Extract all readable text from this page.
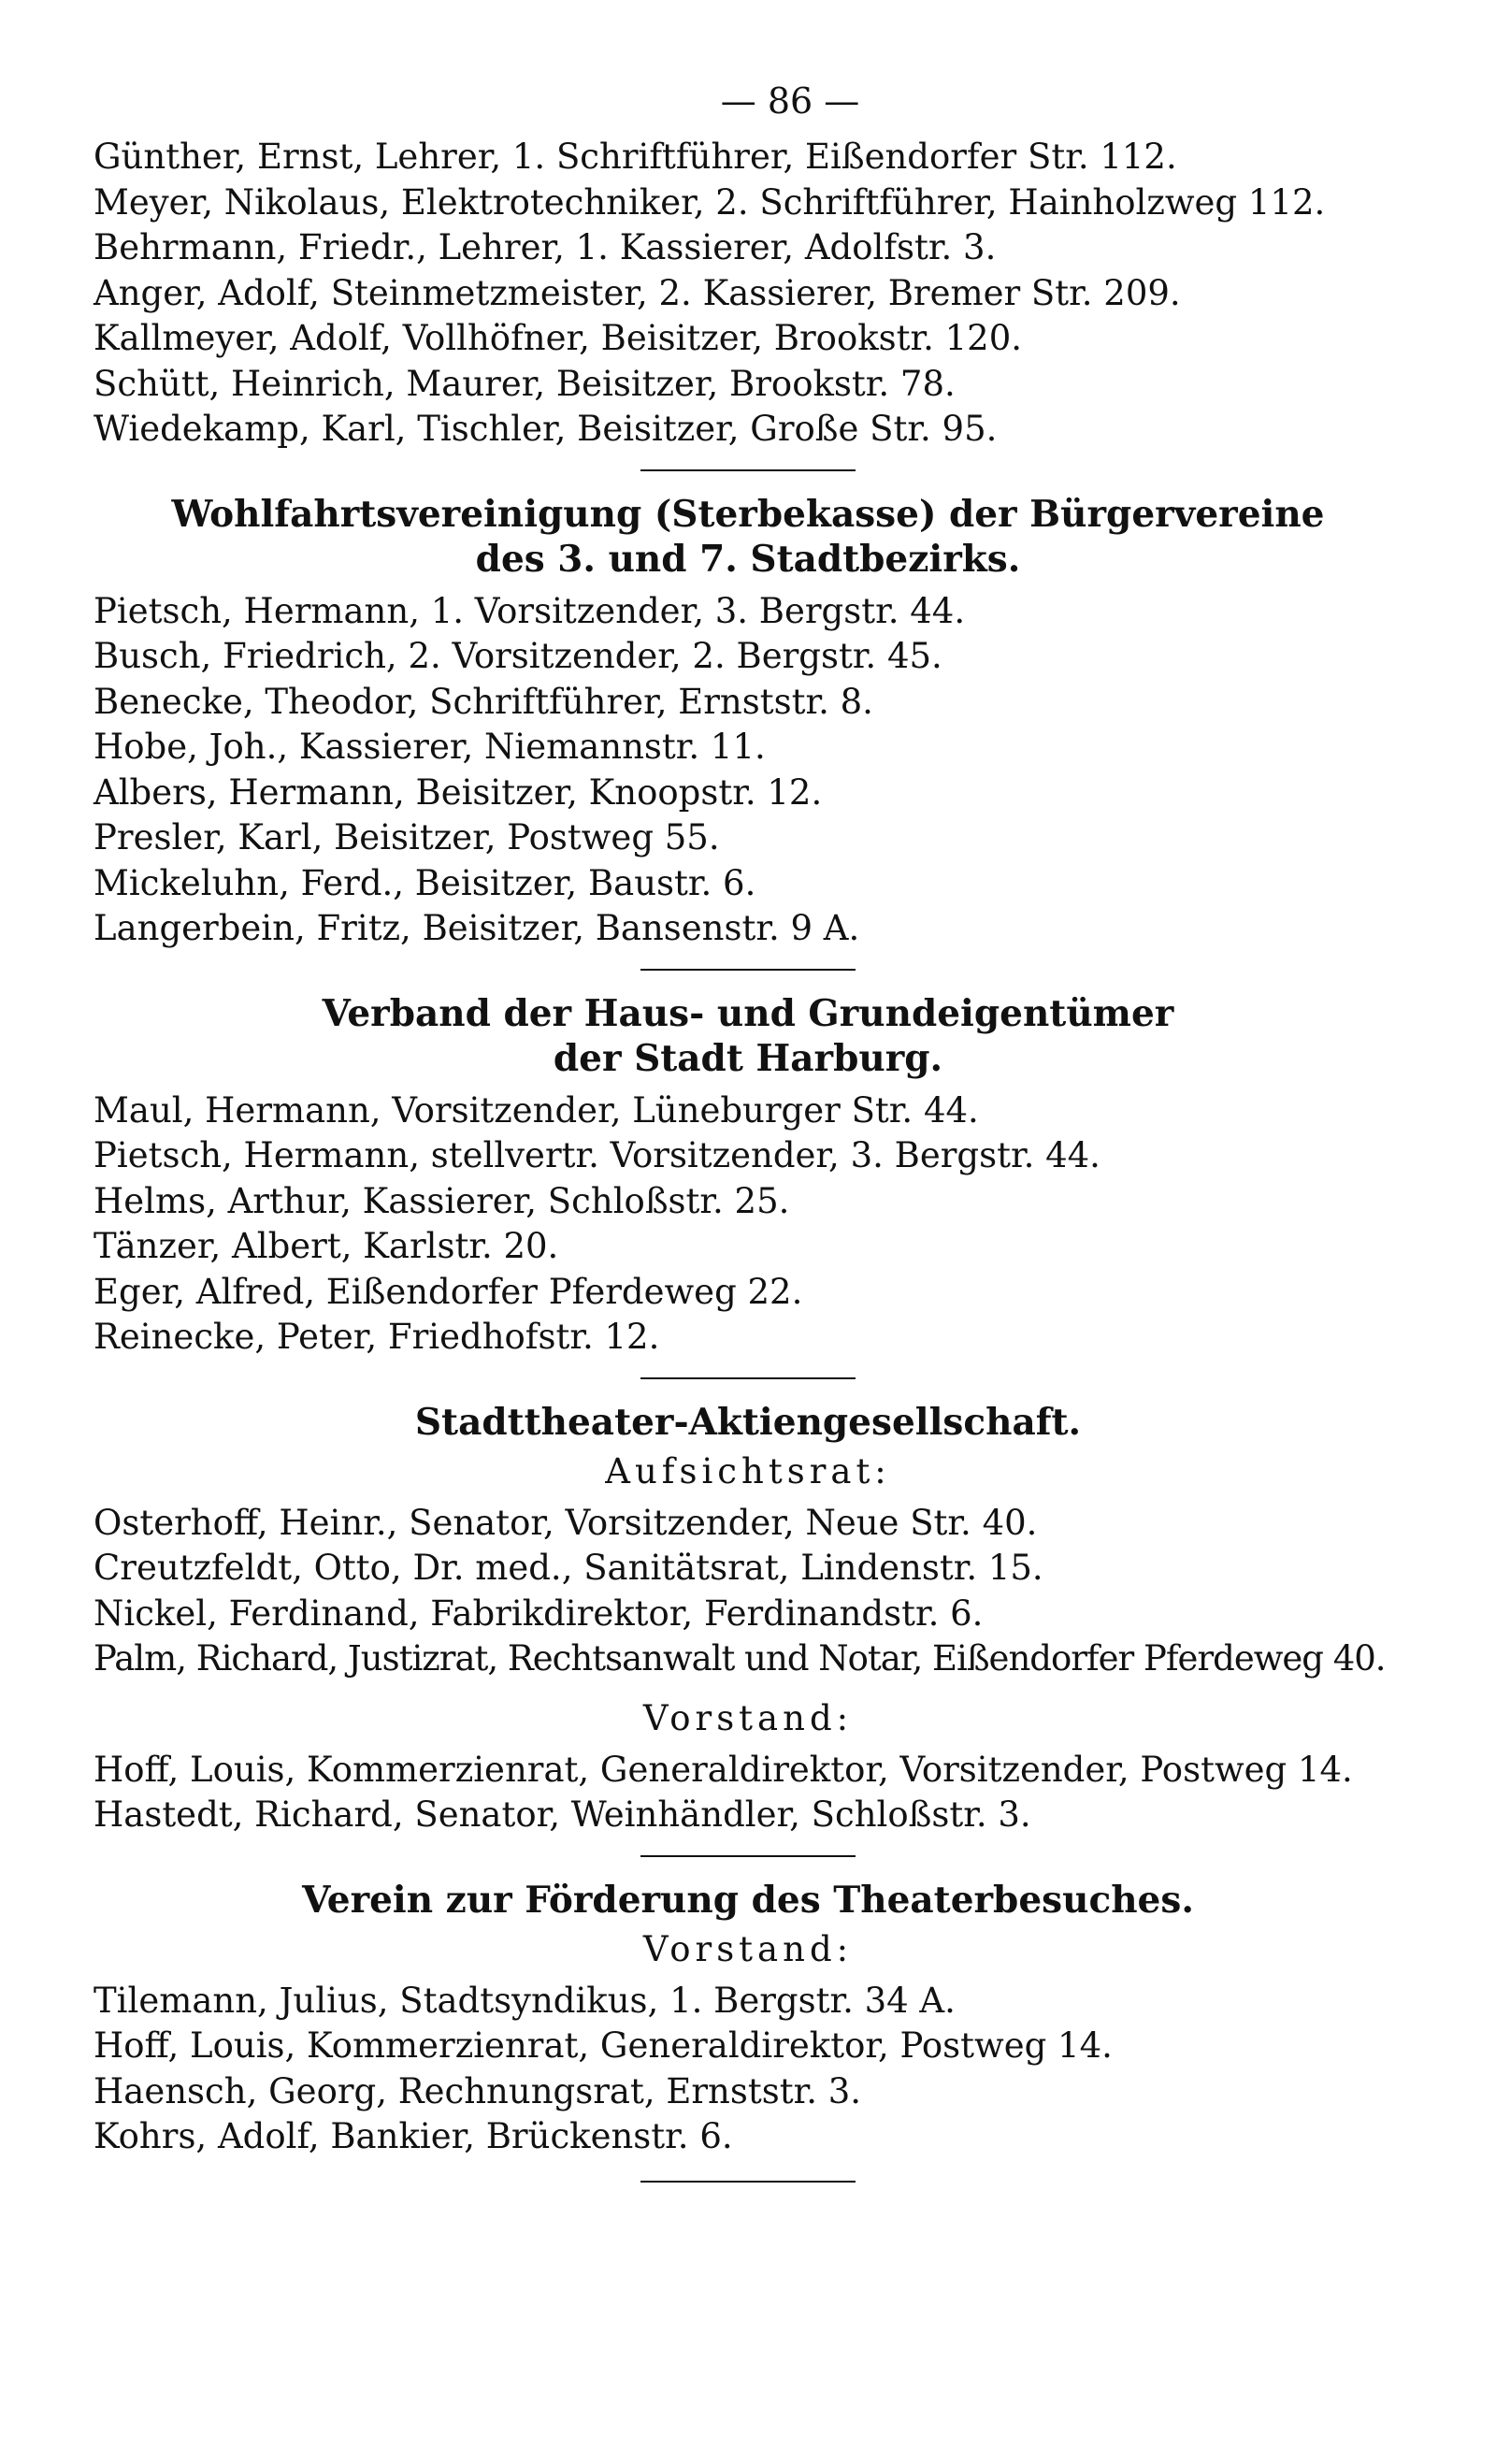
— 86 —
Günther, Ernst, Lehrer, 1. Schriftführer, Eißendorfer Str. 112.
Meyer, Nikolaus, Elektrotechniker, 2. Schriftführer, Hainholzweg 112.
Behrmann, Friedr., Lehrer, 1. Kassierer, Adolfstr. 3.
Anger, Adolf, Steinmetzmeister, 2. Kassierer, Bremer Str. 209.
Kallmeyer, Adolf, Vollhöfner, Beisitzer, Brookstr. 120.
Schütt, Heinrich, Maurer, Beisitzer, Brookstr. 78.
Wiedekamp, Karl, Tischler, Beisitzer, Große Str. 95.
Wohlfahrtsvereinigung (Sterbekasse) der Bürgervereine
des 3. und 7. Stadtbezirks.
Pietsch, Hermann, 1. Vorsitzender, 3. Bergstr. 44.
Busch, Friedrich, 2. Vorsitzender, 2. Bergstr. 45.
Benecke, Theodor, Schriftführer, Ernststr. 8.
Hobe, Joh., Kassierer, Niemannstr. 11.
Albers, Hermann, Beisitzer, Knoopstr. 12.
Presler, Karl, Beisitzer, Postweg 55.
Mickeluhn, Ferd., Beisitzer, Baustr. 6.
Langerbein, Fritz, Beisitzer, Bansenstr. 9 A.
Verband der Haus- und Grundeigentümer
der Stadt Harburg.
Maul, Hermann, Vorsitzender, Lüneburger Str. 44.
Pietsch, Hermann, stellvertr. Vorsitzender, 3. Bergstr. 44.
Helms, Arthur, Kassierer, Schloßstr. 25.
Tänzer, Albert, Karlstr. 20.
Eger, Alfred, Eißendorfer Pferdeweg 22.
Reinecke, Peter, Friedhofstr. 12.
Stadttheater-Aktiengesellschaft.
Aufsichtsrat:
Osterhoff, Heinr., Senator, Vorsitzender, Neue Str. 40.
Creutzfeldt, Otto, Dr. med., Sanitätsrat, Lindenstr. 15.
Nickel, Ferdinand, Fabrikdirektor, Ferdinandstr. 6.
Palm, Richard, Justizrat, Rechtsanwalt und Notar, Eißendorfer Pferdeweg 40.
Vorstand:
Hoff, Louis, Kommerzienrat, Generaldirektor, Vorsitzender, Postweg 14.
Hastedt, Richard, Senator, Weinhändler, Schloßstr. 3.
Verein zur Förderung des Theaterbesuches.
Vorstand:
Tilemann, Julius, Stadtsyndikus, 1. Bergstr. 34 A.
Hoff, Louis, Kommerzienrat, Generaldirektor, Postweg 14.
Haensch, Georg, Rechnungsrat, Ernststr. 3.
Kohrs, Adolf, Bankier, Brückenstr. 6.
